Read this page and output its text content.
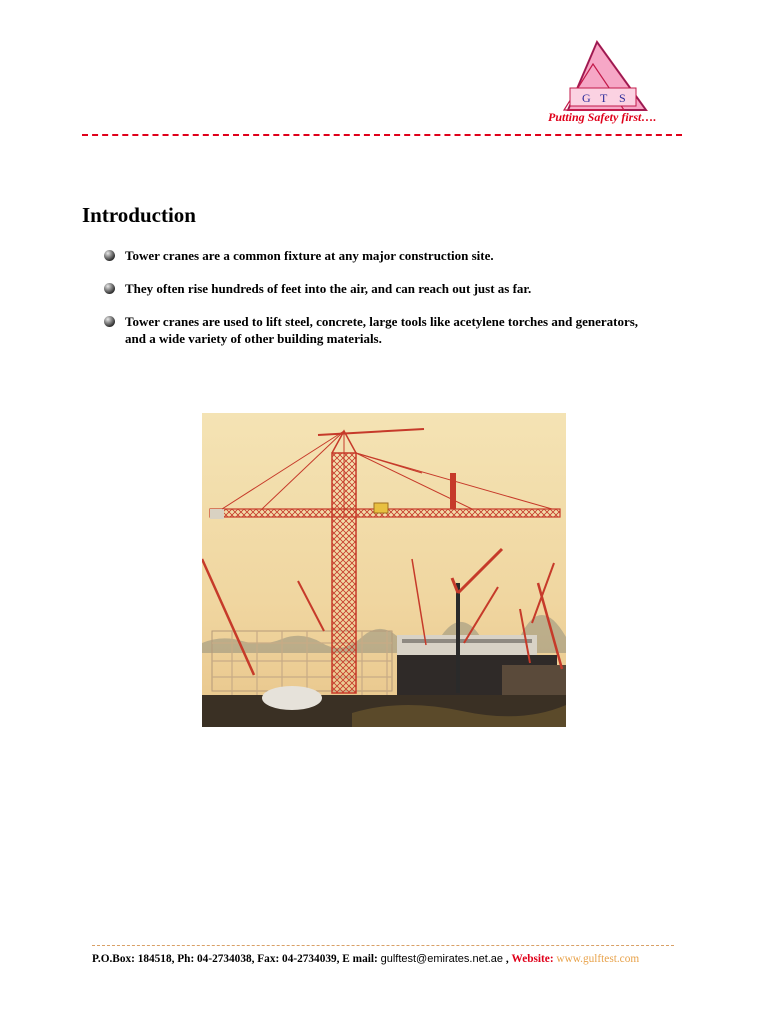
G T S
Putting Safety first….
Introduction
Tower cranes are a common fixture at any major construction site.
They often rise hundreds of feet into the air, and can reach out just as far.
Tower cranes are used to lift steel, concrete, large tools like acetylene torches and generators, and a wide variety of other building materials.
P.O.Box: 184518, Ph: 04-2734038, Fax: 04-2734039, E mail: gulftest@emirates.net.ae , Website: www.gulftest.com
